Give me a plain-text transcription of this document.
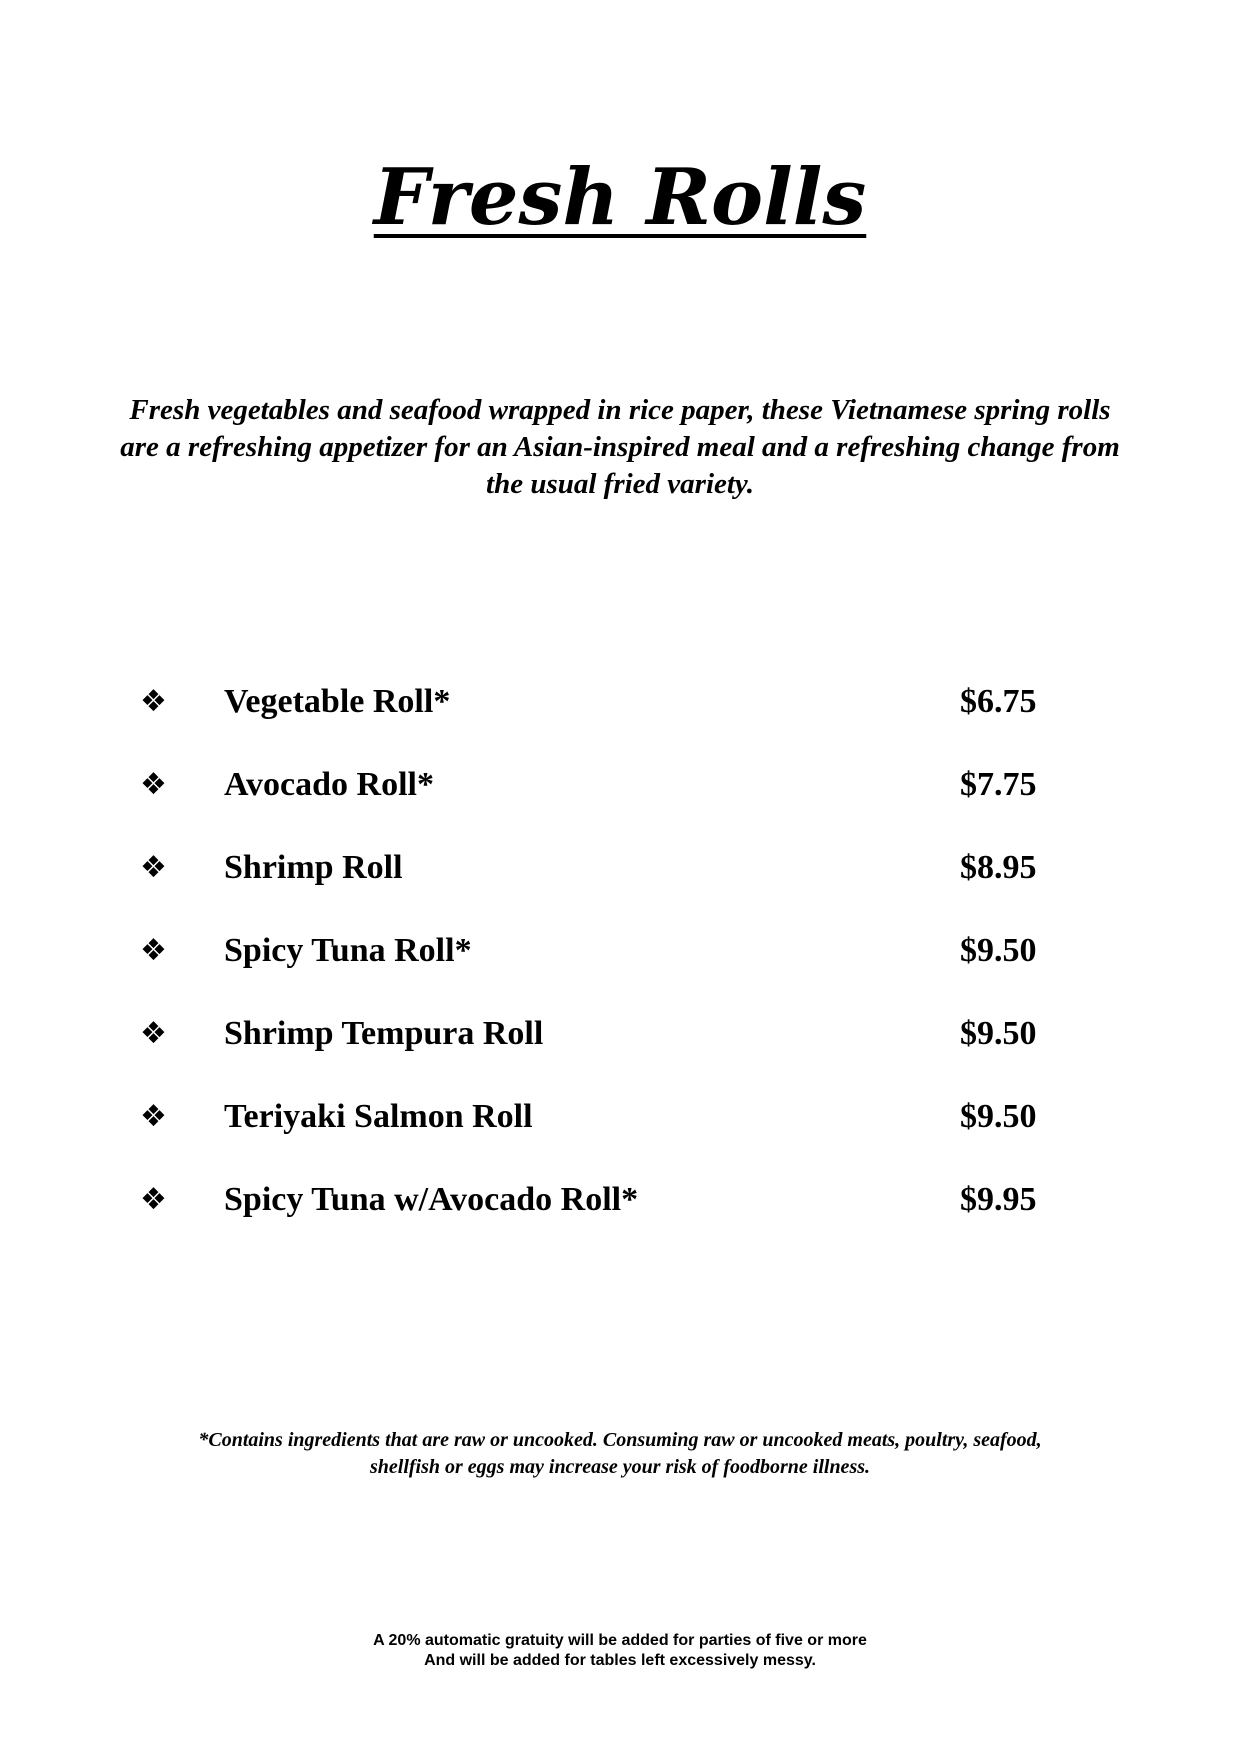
Fresh Rolls
Fresh vegetables and seafood wrapped in rice paper, these Vietnamese spring rolls are a refreshing appetizer for an Asian-inspired meal and a refreshing change from the usual fried variety.
❖	Vegetable Roll*	$6.75
❖	Avocado Roll*	$7.75
❖	Shrimp Roll	$8.95
❖	Spicy Tuna Roll*	$9.50
❖	Shrimp Tempura Roll	$9.50
❖	Teriyaki Salmon Roll	$9.50
❖	Spicy Tuna w/Avocado Roll*	$9.95
*Contains ingredients that are raw or uncooked. Consuming raw or uncooked meats, poultry, seafood,
shellfish or eggs may increase your risk of foodborne illness.
A 20% automatic gratuity will be added for parties of five or more
And will be added for tables left excessively messy.
